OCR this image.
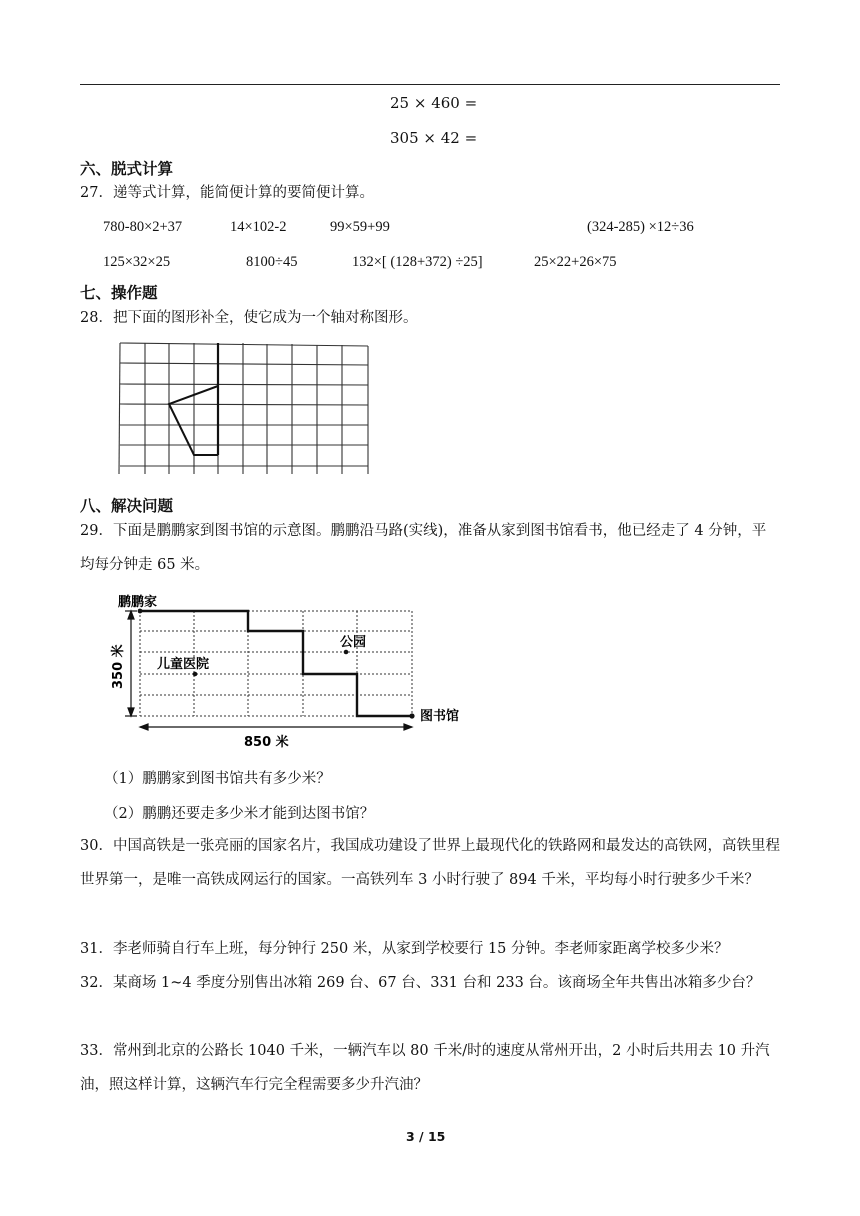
25 × 460 =
305 × 42 =
六、脱式计算
27．递等式计算，能简便计算的要简便计算。
780-80×2+37	14×102-2	99×59+99	(324-285) ×12÷36
125×32×25	8100÷45	132×[ (128+372) ÷25]	25×22+26×75
七、操作题
28．把下面的图形补全，使它成为一个轴对称图形。
八、解决问题
29．下面是鹏鹏家到图书馆的示意图。鹏鹏沿马路(实线)，准备从家到图书馆看书，他已经走了 4 分钟，平均每分钟走 65 米。
鹏鹏家
公园
儿童医院
图书馆
850 米
350 米
（1）鹏鹏家到图书馆共有多少米？
（2）鹏鹏还要走多少米才能到达图书馆？
30．中国高铁是一张亮丽的国家名片，我国成功建设了世界上最现代化的铁路网和最发达的高铁网，高铁里程世界第一，是唯一高铁成网运行的国家。一高铁列车 3 小时行驶了 894 千米，平均每小时行驶多少千米？
31．李老师骑自行车上班，每分钟行 250 米，从家到学校要行 15 分钟。李老师家距离学校多少米？
32．某商场 1~4 季度分别售出冰箱 269 台、67 台、331 台和 233 台。该商场全年共售出冰箱多少台？
33．常州到北京的公路长 1040 千米，一辆汽车以 80 千米/时的速度从常州开出，2 小时后共用去 10 升汽油，照这样计算，这辆汽车行完全程需要多少升汽油？
3 / 15
